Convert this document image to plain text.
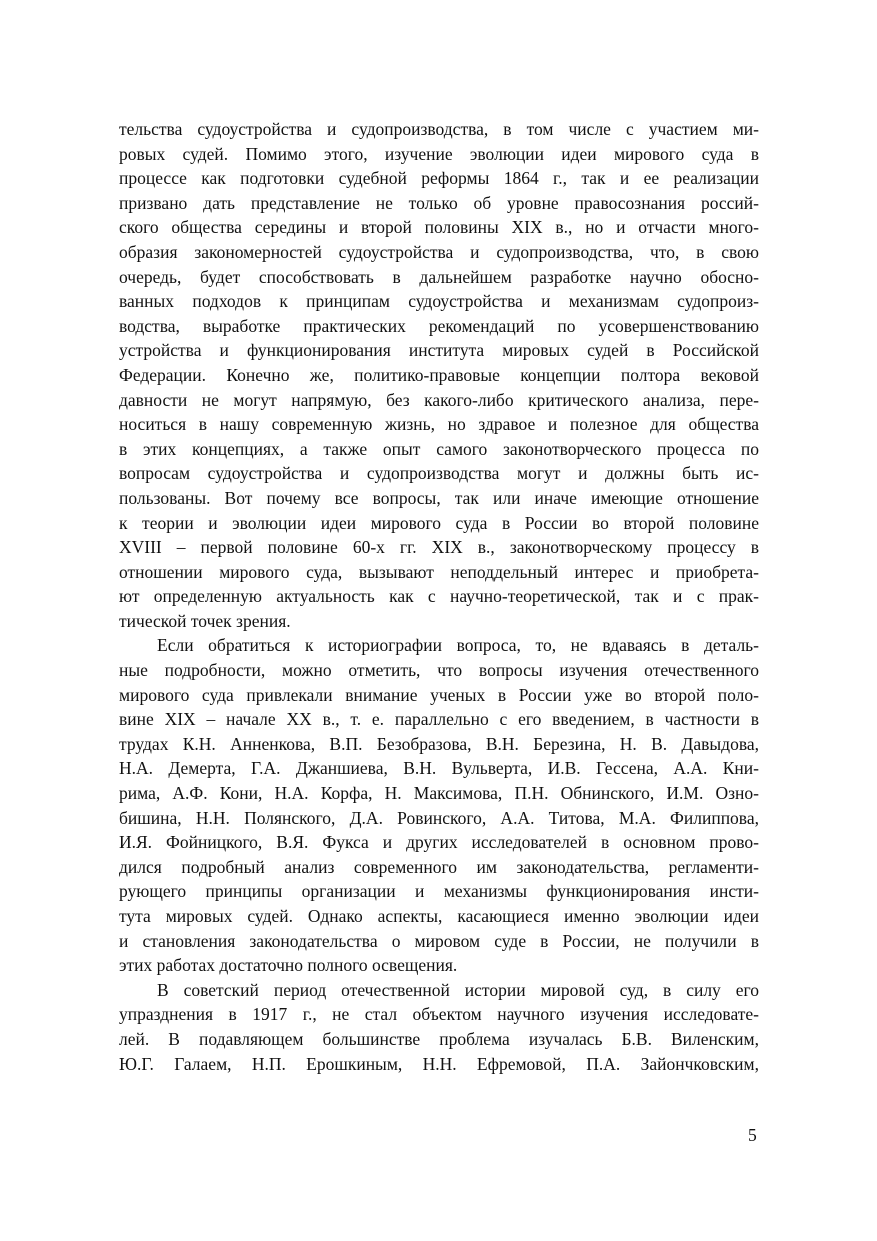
тельства судоустройства и судопроизводства, в том числе с участием ми-
ровых судей. Помимо этого, изучение эволюции идеи мирового суда в
процессе как подготовки судебной реформы 1864 г., так и ее реализации
призвано дать представление не только об уровне правосознания россий-
ского общества середины и второй половины XIX в., но и отчасти много-
образия закономерностей судоустройства и судопроизводства, что, в свою
очередь, будет способствовать в дальнейшем разработке научно обосно-
ванных подходов к принципам судоустройства и механизмам судопроиз-
водства, выработке практических рекомендаций по усовершенствованию
устройства и функционирования института мировых судей в Российской
Федерации. Конечно же, политико-правовые концепции полтора вековой
давности не могут напрямую, без какого-либо критического анализа, пере-
носиться в нашу современную жизнь, но здравое и полезное для общества
в этих концепциях, а также опыт самого законотворческого процесса по
вопросам судоустройства и судопроизводства могут и должны быть ис-
пользованы. Вот почему все вопросы, так или иначе имеющие отношение
к теории и эволюции идеи мирового суда в России во второй половине
XVIII – первой половине 60-х гг. XIX в., законотворческому процессу в
отношении мирового суда, вызывают неподдельный интерес и приобрета-
ют определенную актуальность как с научно-теоретической, так и с прак-
тической точек зрения.
Если обратиться к историографии вопроса, то, не вдаваясь в деталь-
ные подробности, можно отметить, что вопросы изучения отечественного
мирового суда привлекали внимание ученых в России уже во второй поло-
вине XIX – начале XX в., т. е. параллельно с его введением, в частности в
трудах К.Н. Анненкова, В.П. Безобразова, В.Н. Березина, Н. В. Давыдова,
Н.А. Демерта, Г.А. Джаншиева, В.Н. Вульверта, И.В. Гессена, А.А. Кни-
рима, А.Ф. Кони, Н.А. Корфа, Н. Максимова, П.Н. Обнинского, И.М. Озно-
бишина, Н.Н. Полянского, Д.А. Ровинского, А.А. Титова, М.А. Филиппова,
И.Я. Фойницкого, В.Я. Фукса и других исследователей в основном прово-
дился подробный анализ современного им законодательства, регламенти-
рующего принципы организации и механизмы функционирования инсти-
тута мировых судей. Однако аспекты, касающиеся именно эволюции идеи
и становления законодательства о мировом суде в России, не получили в
этих работах достаточно полного освещения.
В советский период отечественной истории мировой суд, в силу его
упразднения в 1917 г., не стал объектом научного изучения исследовате-
лей. В подавляющем большинстве проблема изучалась Б.В. Виленским,
Ю.Г. Галаем, Н.П. Ерошкиным, Н.Н. Ефремовой, П.А. Зайончковским,
5
